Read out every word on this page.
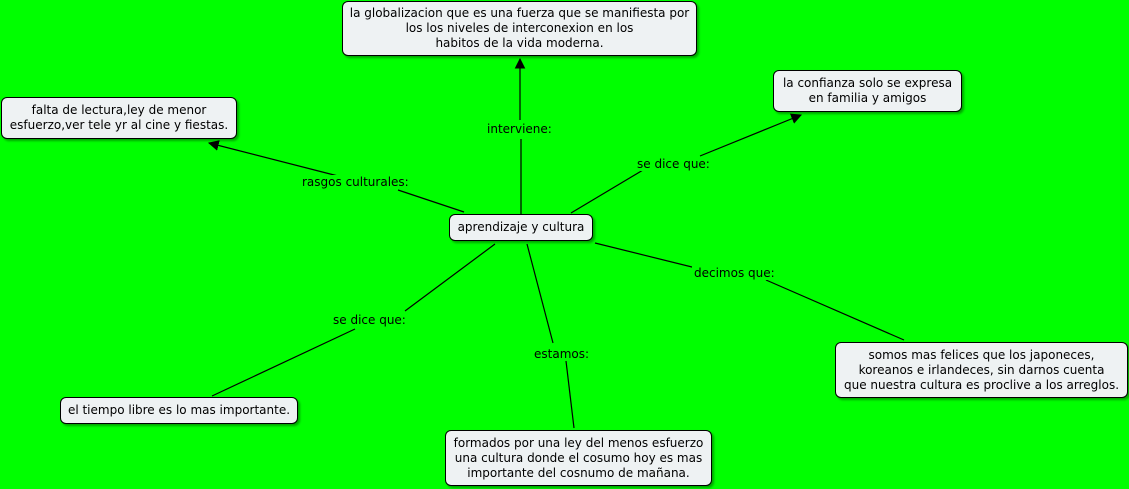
interviene:
se dice que:
rasgos culturales:
decimos que:
se dice que:
estamos:
aprendizaje y cultura
la globalizacion que es una fuerza que se manifiesta por
los los niveles de interconexion en los
habitos de la vida moderna.
la confianza solo se expresa
en familia y amigos
falta de lectura,ley de menor
esfuerzo,ver tele yr al cine y fiestas.
somos mas felices que los japoneces,
koreanos e irlandeces, sin darnos cuenta
que nuestra cultura es proclive a los arreglos.
el tiempo libre es lo mas importante.
formados por una ley del menos esfuerzo
una cultura donde el cosumo hoy es mas
importante del cosnumo de mañana.
